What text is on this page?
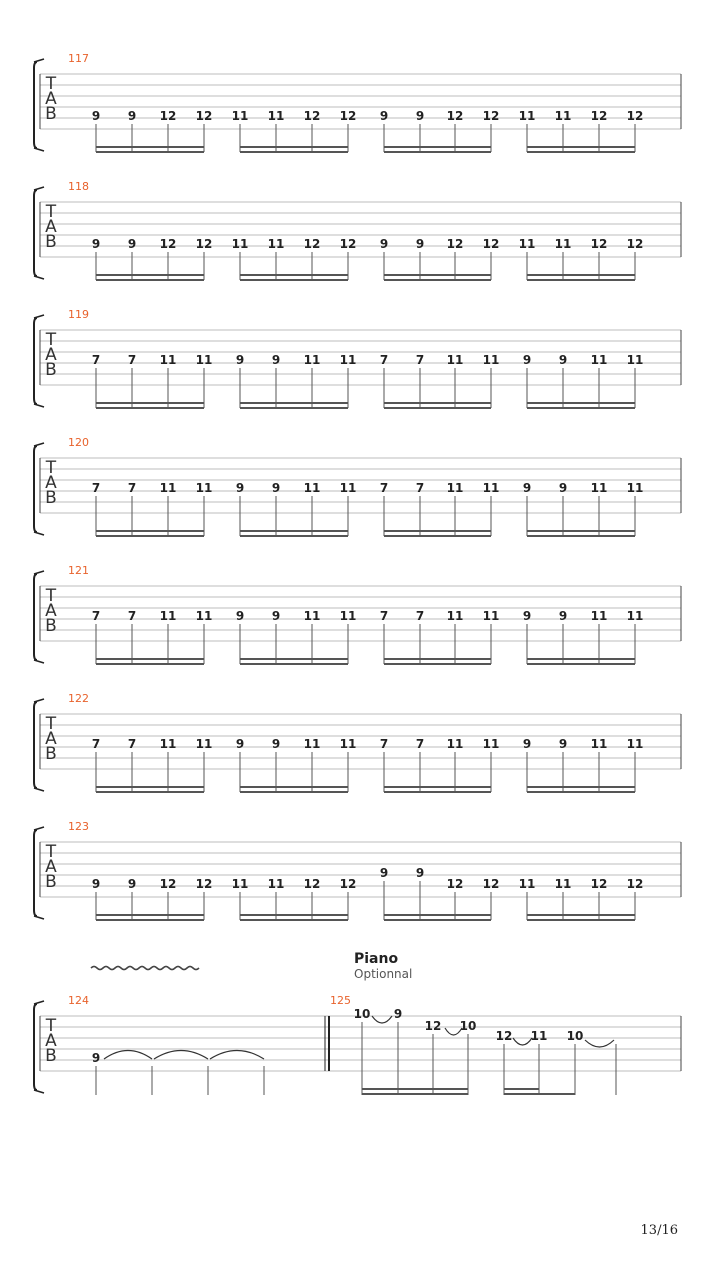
T
A
B
117
9 9 12 12 11 11 12 12 9 9 12 12 11 11 12 12
T
A
B
118
9 9 12 12 11 11 12 12 9 9 12 12 11 11 12 12
T
A
B
119
7 7 11 11 9 9 11 11 7 7 11 11 9 9 11 11
T
A
B
120
7 7 11 11 9 9 11 11 7 7 11 11 9 9 11 11
T
A
B
121
7 7 11 11 9 9 11 11 7 7 11 11 9 9 11 11
T
A
B
122
7 7 11 11 9 9 11 11 7 7 11 11 9 9 11 11
T
A
B
123
9 9 12 12 11 11 12 12
9 9
12 12 11 11 12 12
Piano
Optionnal
T
A
B
124	125
9
10 9
12 10
12 11 10
13/16
